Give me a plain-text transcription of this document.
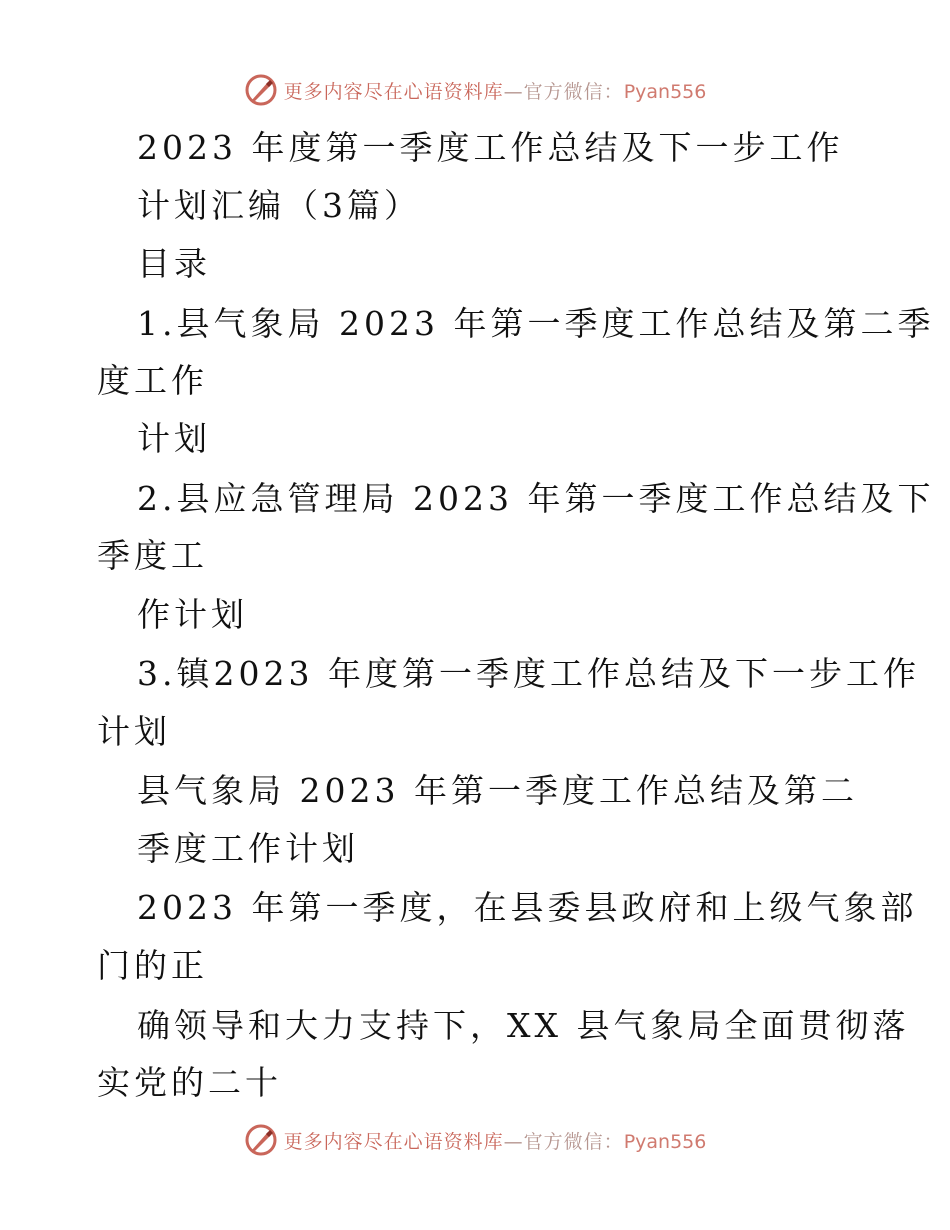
更多内容尽在心语资料库—官方微信：Pyan556
2023 年度第一季度工作总结及下一步工作
计划汇编（3篇）
目录
1.县气象局 2023 年第一季度工作总结及第二季
度工作
计划
2.县应急管理局 2023 年第一季度工作总结及下
季度工
作计划
3.镇2023 年度第一季度工作总结及下一步工作
计划
县气象局 2023 年第一季度工作总结及第二
季度工作计划
2023 年第一季度，在县委县政府和上级气象部
门的正
确领导和大力支持下，XX 县气象局全面贯彻落
实党的二十
更多内容尽在心语资料库—官方微信：Pyan556
